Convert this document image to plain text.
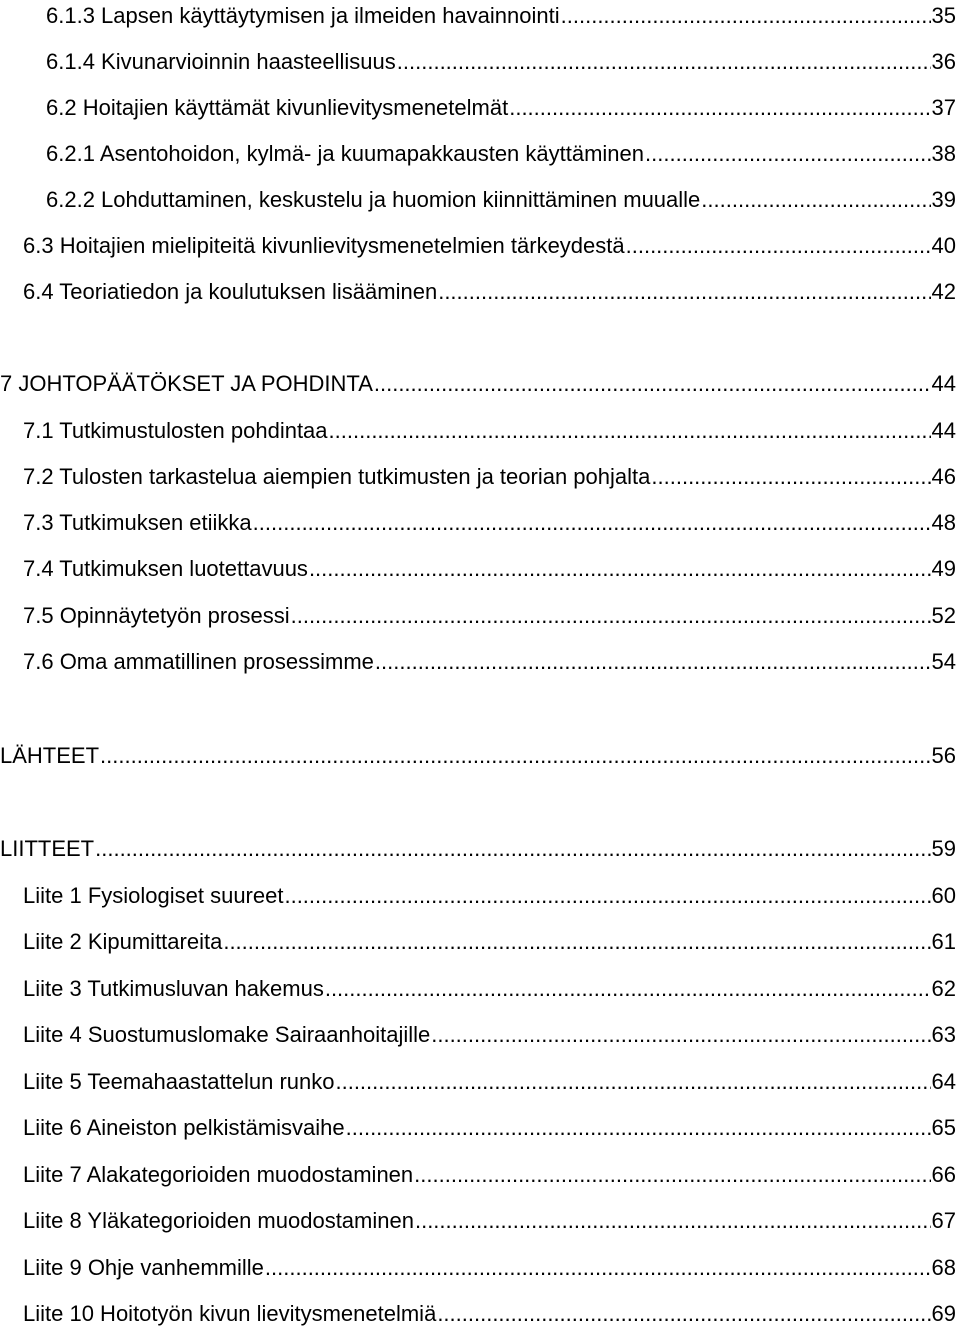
6.1.3 Lapsen käyttäytymisen ja ilmeiden havainnointi .....	35
6.1.4 Kivunarvioinnin haasteellisuus .....	36
6.2 Hoitajien käyttämät kivunlievitysmenetelmät .....	37
6.2.1 Asentohoidon, kylmä- ja kuumapakkausten käyttäminen .....	38
6.2.2 Lohduttaminen, keskustelu ja huomion kiinnittäminen muualle .....	39
6.3 Hoitajien mielipiteitä kivunlievitysmenetelmien tärkeydestä .....	40
6.4 Teoriatiedon ja koulutuksen lisääminen .....	42
7 JOHTOPÄÄTÖKSET JA POHDINTA .....	44
7.1 Tutkimustulosten pohdintaa .....	44
7.2 Tulosten tarkastelua aiempien tutkimusten ja teorian pohjalta .....	46
7.3 Tutkimuksen etiikka .....	48
7.4 Tutkimuksen luotettavuus .....	49
7.5 Opinnäytetyön prosessi .....	52
7.6 Oma ammatillinen prosessimme .....	54
LÄHTEET .....	56
LIITTEET .....	59
Liite 1 Fysiologiset suureet .....	60
Liite 2 Kipumittareita .....	61
Liite 3 Tutkimusluvan hakemus .....	62
Liite 4 Suostumuslomake Sairaanhoitajille .....	63
Liite 5 Teemahaastattelun runko .....	64
Liite 6 Aineiston pelkistämisvaihe .....	65
Liite 7 Alakategorioiden muodostaminen .....	66
Liite 8 Yläkategorioiden muodostaminen .....	67
Liite 9 Ohje vanhemmille .....	68
Liite 10 Hoitotyön kivun lievitysmenetelmiä .....	69
